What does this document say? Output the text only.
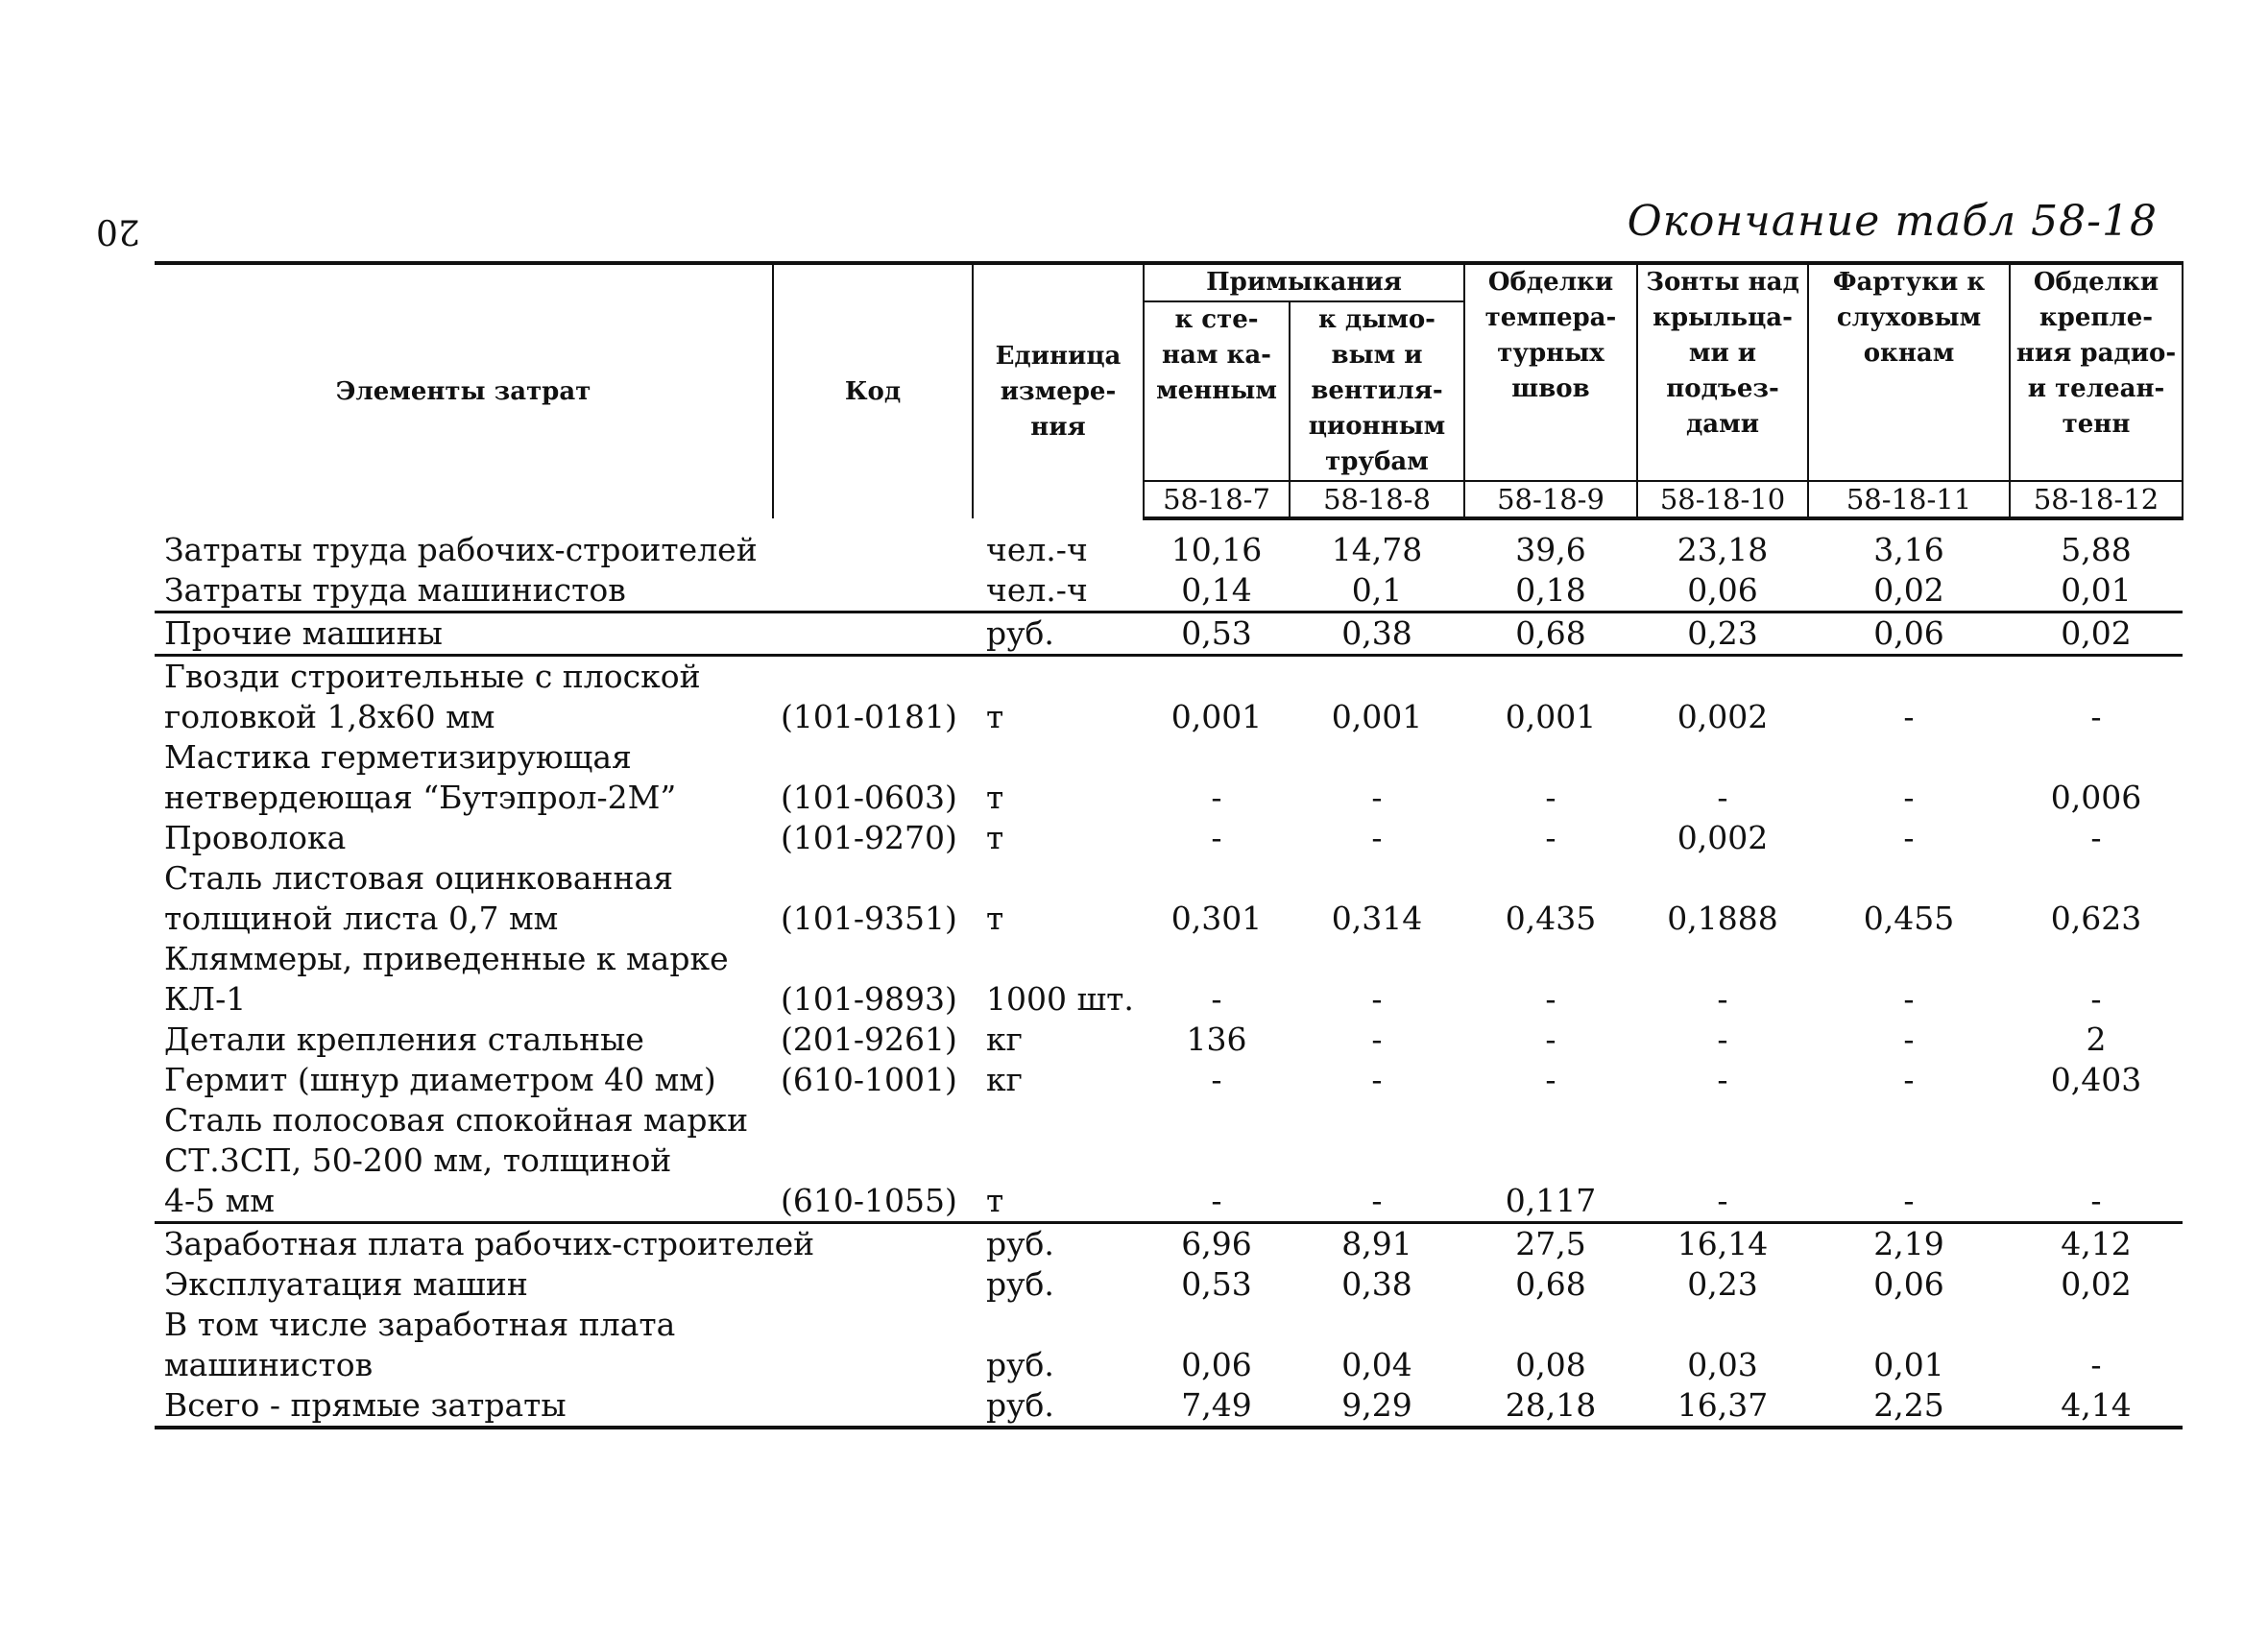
20	Окончание табл 58-18
Элементы затрат	Код	Единица измере-ния	Примыкания		Обделки темпера-турных швов	Зонты над крыльца-ми и подъез-дами	Фартуки к слуховым окнам	Обделки крепле-ния радио- и телеан-тенн
			к сте-нам ка-менным	к дымо-вым и вентиля-ционным трубам				
			58-18-7	58-18-8	58-18-9	58-18-10	58-18-11	58-18-12
Затраты труда рабочих-строителей		чел.-ч	10,16	14,78	39,6	23,18	3,16	5,88
Затраты труда машинистов		чел.-ч	0,14	0,1	0,18	0,06	0,02	0,01
Прочие машины		руб.	0,53	0,38	0,68	0,23	0,06	0,02

Гвозди строительные с плоской
головкой 1,8х60 мм	(101-0181)	т	0,001	0,001	0,001	0,002	-	-

Мастика герметизирующая
нетвердеющая “Бутэпрол-2М”	(101-0603)	т	-	-	-	-	-	0,006
Проволока	(101-9270)	т	-	-	-	0,002	-	-

Сталь листовая оцинкованная
толщиной листа 0,7 мм	(101-9351)	т	0,301	0,314	0,435	0,1888	0,455	0,623

Кляммеры, приведенные к марке
КЛ-1	(101-9893)	1000 шт.	-	-	-	-	-	-
Детали крепления стальные	(201-9261)	кг	136	-	-	-	-	2
Гермит (шнур диаметром 40 мм)	(610-1001)	кг	-	-	-	-	-	0,403

Сталь полосовая спокойная марки
СТ.3СП, 50-200 мм, толщиной
4-5 мм	(610-1055)	т	-	-	0,117	-	-	-
Заработная плата рабочих-строителей		руб.	6,96	8,91	27,5	16,14	2,19	4,12
Эксплуатация машин		руб.	0,53	0,38	0,68	0,23	0,06	0,02

В том числе заработная плата
машинистов		руб.	0,06	0,04	0,08	0,03	0,01	-
Всего - прямые затраты		руб.	7,49	9,29	28,18	16,37	2,25	4,14
